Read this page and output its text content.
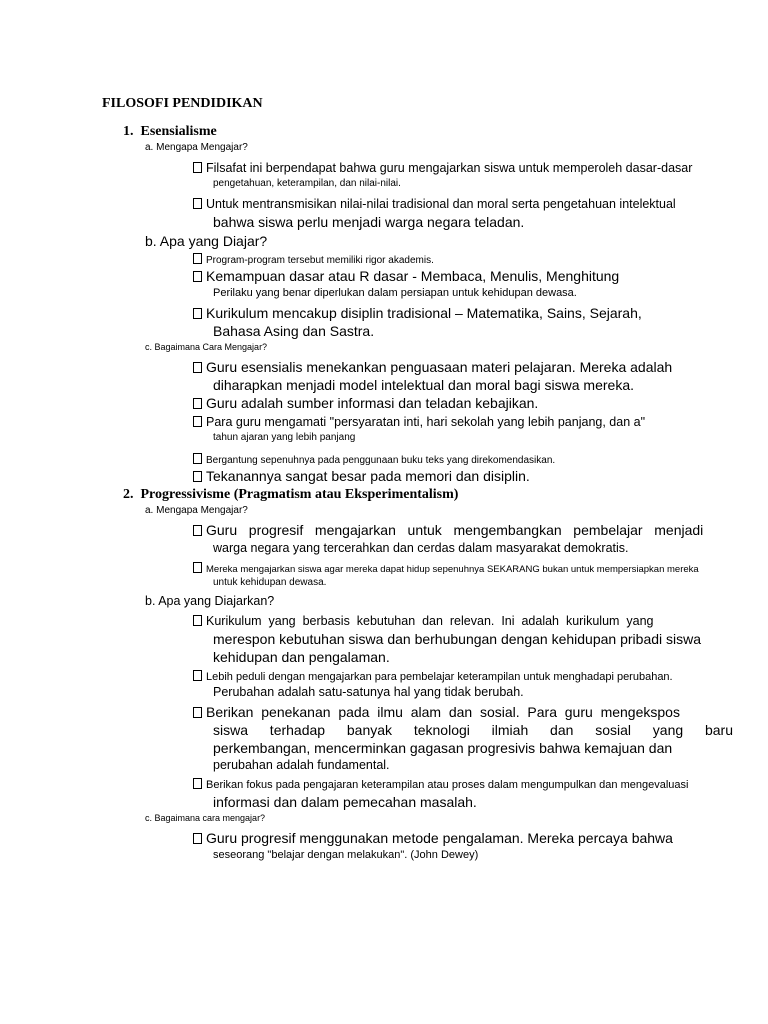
FILOSOFI PENDIDIKAN
1. Esensialisme
a. Mengapa Mengajar?
Filsafat ini berpendapat bahwa guru mengajarkan siswa untuk memperoleh dasar-dasar
pengetahuan, keterampilan, dan nilai-nilai.
Untuk mentransmisikan nilai-nilai tradisional dan moral serta pengetahuan intelektual
bahwa siswa perlu menjadi warga negara teladan.
b. Apa yang Diajar?
Program-program tersebut memiliki rigor akademis.
Kemampuan dasar atau R dasar - Membaca, Menulis, Menghitung
Perilaku yang benar diperlukan dalam persiapan untuk kehidupan dewasa.
Kurikulum mencakup disiplin tradisional – Matematika, Sains, Sejarah,
Bahasa Asing dan Sastra.
c. Bagaimana Cara Mengajar?
Guru esensialis menekankan penguasaan materi pelajaran. Mereka adalah
diharapkan menjadi model intelektual dan moral bagi siswa mereka.
Guru adalah sumber informasi dan teladan kebajikan.
Para guru mengamati "persyaratan inti, hari sekolah yang lebih panjang, dan a"
tahun ajaran yang lebih panjang
Bergantung sepenuhnya pada penggunaan buku teks yang direkomendasikan.
Tekanannya sangat besar pada memori dan disiplin.
2. Progressivisme (Pragmatism atau Eksperimentalism)
a. Mengapa Mengajar?
Guru   progresif   mengajarkan   untuk   mengembangkan   pembelajar   menjadi
warga negara yang tercerahkan dan cerdas dalam masyarakat demokratis.
Mereka mengajarkan siswa agar mereka dapat hidup sepenuhnya SEKARANG bukan untuk mempersiapkan mereka
untuk kehidupan dewasa.
b. Apa yang Diajarkan?
Kurikulum  yang  berbasis  kebutuhan  dan  relevan.  Ini  adalah  kurikulum  yang
merespon kebutuhan siswa dan berhubungan dengan kehidupan pribadi siswa
kehidupan dan pengalaman.
Lebih peduli dengan mengajarkan para pembelajar keterampilan untuk menghadapi perubahan.
Perubahan adalah satu-satunya hal yang tidak berubah.
Berikan  penekanan  pada  ilmu  alam  dan  sosial.  Para  guru  mengekspos
siswa terhadap banyak teknologi ilmiah dan sosial yang baru
perkembangan, mencerminkan gagasan progresivis bahwa kemajuan dan
perubahan adalah fundamental.
Berikan fokus pada pengajaran keterampilan atau proses dalam mengumpulkan dan mengevaluasi
informasi dan dalam pemecahan masalah.
c. Bagaimana cara mengajar?
Guru progresif menggunakan metode pengalaman. Mereka percaya bahwa
seseorang "belajar dengan melakukan". (John Dewey)
